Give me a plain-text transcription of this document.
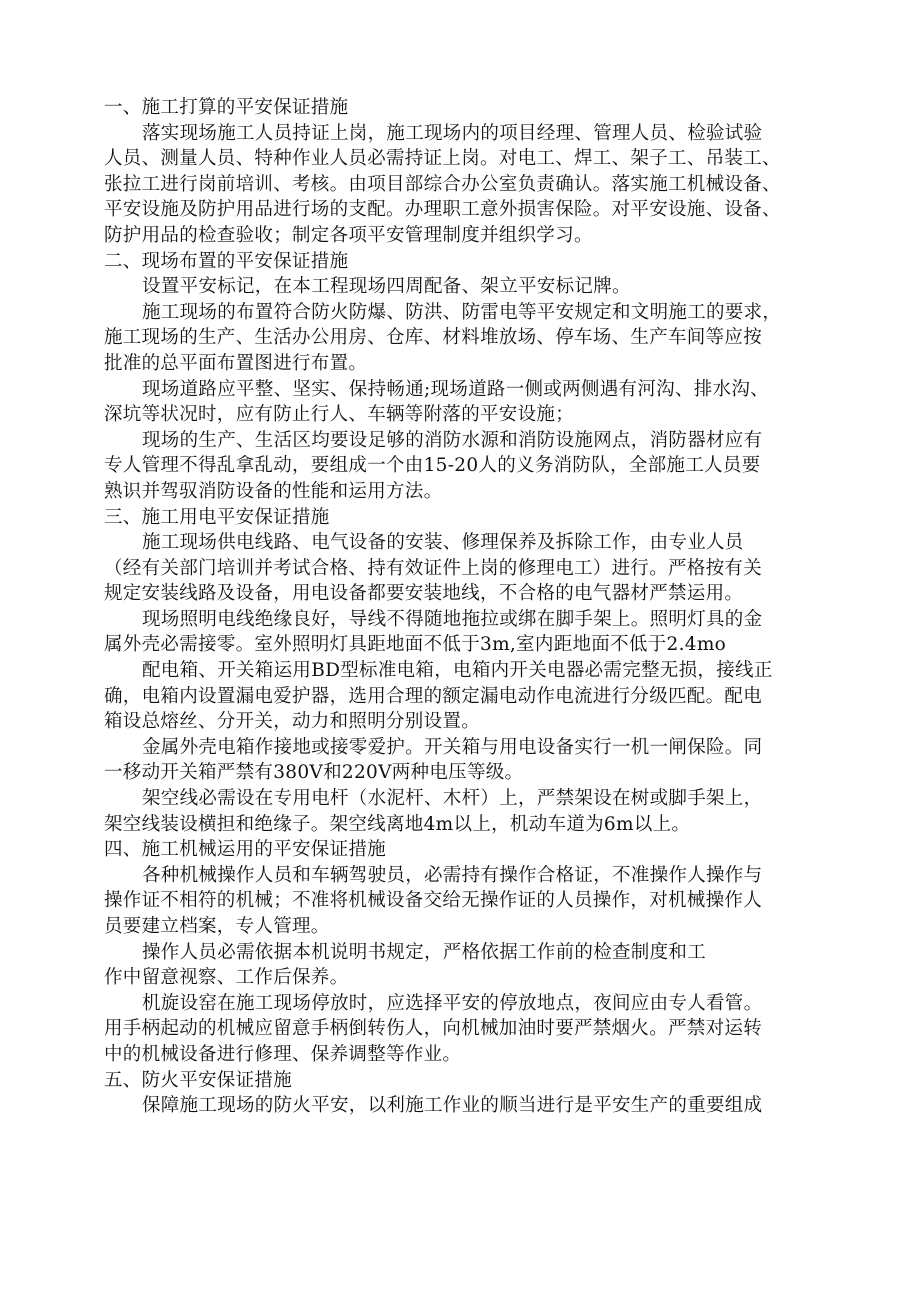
一、施工打算的平安保证措施
落实现场施工人员持证上岗，施工现场内的项目经理、管理人员、检验试验
人员、测量人员、特种作业人员必需持证上岗。对电工、焊工、架子工、吊装工、
张拉工进行岗前培训、考核。由项目部综合办公室负责确认。落实施工机械设备、
平安设施及防护用品进行场的支配。办理职工意外损害保险。对平安设施、设备、
防护用品的检查验收；制定各项平安管理制度并组织学习。
二、现场布置的平安保证措施
设置平安标记，在本工程现场四周配备、架立平安标记牌。
施工现场的布置符合防火防爆、防洪、防雷电等平安规定和文明施工的要求，
施工现场的生产、生活办公用房、仓库、材料堆放场、停车场、生产车间等应按
批准的总平面布置图进行布置。
现场道路应平整、坚实、保持畅通;现场道路一侧或两侧遇有河沟、排水沟、
深坑等状况时，应有防止行人、车辆等附落的平安设施；
现场的生产、生活区均要设足够的消防水源和消防设施网点，消防器材应有
专人管理不得乱拿乱动，要组成一个由15-20人的义务消防队，全部施工人员要
熟识并驾驭消防设备的性能和运用方法。
三、施工用电平安保证措施
施工现场供电线路、电气设备的安装、修理保养及拆除工作，由专业人员
（经有关部门培训并考试合格、持有效证件上岗的修理电工）进行。严格按有关
规定安装线路及设备，用电设备都要安装地线，不合格的电气器材严禁运用。
现场照明电线绝缘良好，导线不得随地拖拉或绑在脚手架上。照明灯具的金
属外壳必需接零。室外照明灯具距地面不低于3m,室内距地面不低于2.4mo
配电箱、开关箱运用BD型标准电箱，电箱内开关电器必需完整无损，接线正
确，电箱内设置漏电爱护器，选用合理的额定漏电动作电流进行分级匹配。配电
箱设总熔丝、分开关，动力和照明分别设置。
金属外壳电箱作接地或接零爱护。开关箱与用电设备实行一机一闸保险。同
一移动开关箱严禁有380V和220V两种电压等级。
架空线必需设在专用电杆（水泥杆、木杆）上，严禁架设在树或脚手架上，
架空线装设横担和绝缘子。架空线离地4m以上，机动车道为6m以上。
四、施工机械运用的平安保证措施
各种机械操作人员和车辆驾驶员，必需持有操作合格证，不准操作人操作与
操作证不相符的机械；不准将机械设备交给无操作证的人员操作，对机械操作人
员要建立档案，专人管理。
操作人员必需依据本机说明书规定，严格依据工作前的检查制度和工
作中留意视察、工作后保养。
机旋设窑在施工现场停放时，应选择平安的停放地点，夜间应由专人看管。
用手柄起动的机械应留意手柄倒转伤人，向机械加油时要严禁烟火。严禁对运转
中的机械设备进行修理、保养调整等作业。
五、防火平安保证措施
保障施工现场的防火平安，以利施工作业的顺当进行是平安生产的重要组成
